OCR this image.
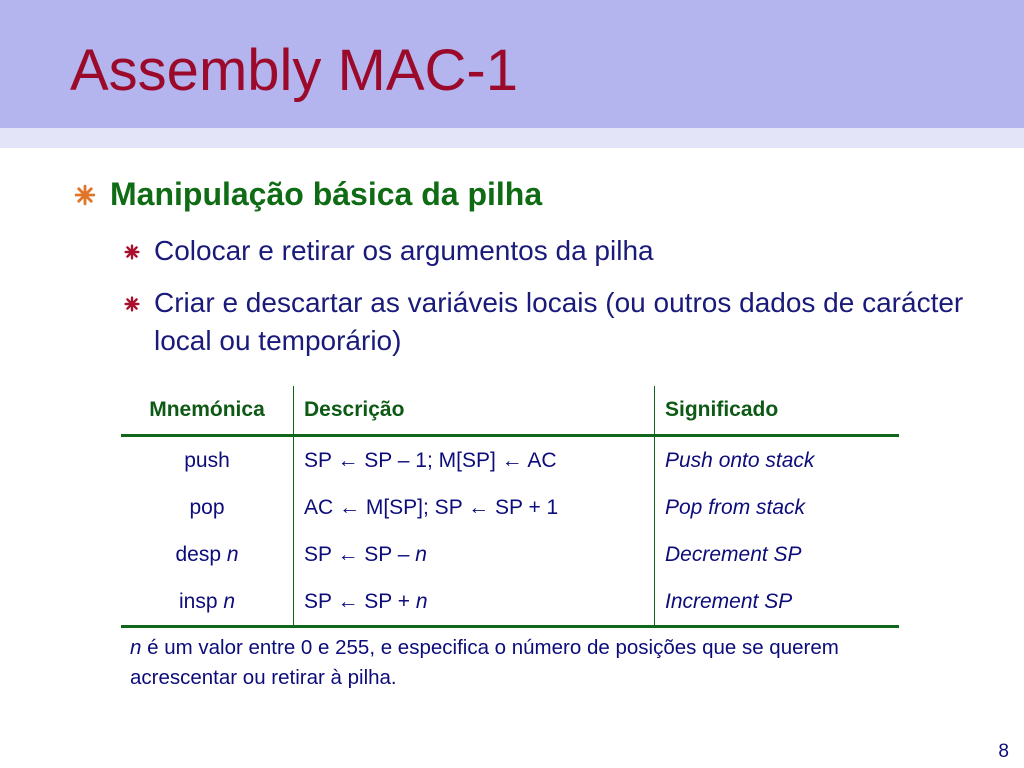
Assembly MAC-1
Manipulação básica da pilha
Colocar e retirar os argumentos da pilha
Criar e descartar as variáveis locais (ou outros dados de carácter local ou temporário)
Mnemónica	Descrição	Significado
push	SP ← SP – 1; M[SP] ← AC	Push onto stack
pop	AC ← M[SP]; SP ← SP + 1	Pop from stack
desp n	SP ← SP – n	Decrement SP
insp n	SP ← SP + n	Increment SP
n é um valor entre 0 e 255, e especifica o número de posições que se querem acrescentar ou retirar à pilha.
8
